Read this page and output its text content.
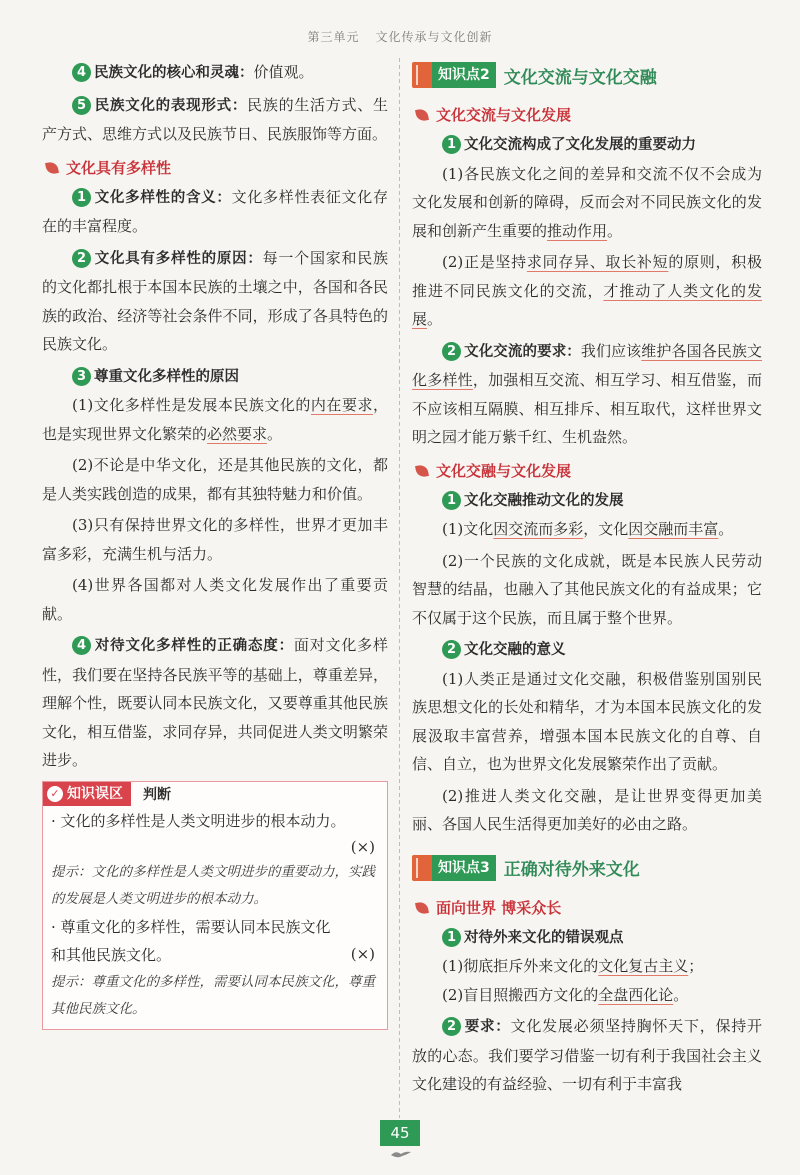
第三单元 文化传承与文化创新

4 民族文化的核心和灵魂：价值观。

5 民族文化的表现形式：民族的生活方式、生产方式、思维方式以及民族节日、民族服饰等方面。

文化具有多样性

1 文化多样性的含义：文化多样性表征文化存在的丰富程度。

2 文化具有多样性的原因：每一个国家和民族的文化都扎根于本国本民族的土壤之中，各国和各民族的政治、经济等社会条件不同，形成了各具特色的民族文化。

3 尊重文化多样性的原因

(1)文化多样性是发展本民族文化的内在要求，也是实现世界文化繁荣的必然要求。

(2)不论是中华文化，还是其他民族的文化，都是人类实践创造的成果，都有其独特魅力和价值。

(3)只有保持世界文化的多样性，世界才更加丰富多彩，充满生机与活力。

(4)世界各国都对人类文化发展作出了重要贡献。

4 对待文化多样性的正确态度：面对文化多样性，我们要在坚持各民族平等的基础上，尊重差异，理解个性，既要认同本民族文化，又要尊重其他民族文化，相互借鉴，求同存异，共同促进人类文明繁荣进步。

✓ 知识误区 判断
· 文化的多样性是人类文明进步的根本动力。
(×)
提示：文化的多样性是人类文明进步的重要动力，实践的发展是人类文明进步的根本动力。
· 尊重文化的多样性，需要认同本民族文化和其他民族文化。	(×)
提示：尊重文化的多样性，需要认同本民族文化，尊重其他民族文化。
知识点2 文化交流与文化交融
文化交流与文化发展

1 文化交流构成了文化发展的重要动力

(1)各民族文化之间的差异和交流不仅不会成为文化发展和创新的障碍，反而会对不同民族文化的发展和创新产生重要的推动作用。

(2)正是坚持求同存异、取长补短的原则，积极推进不同民族文化的交流，才推动了人类文化的发展。

2 文化交流的要求：我们应该维护各国各民族文化多样性，加强相互交流、相互学习、相互借鉴，而不应该相互隔膜、相互排斥、相互取代，这样世界文明之园才能万紫千红、生机盎然。

文化交融与文化发展

1 文化交融推动文化的发展

(1)文化因交流而多彩，文化因交融而丰富。

(2)一个民族的文化成就，既是本民族人民劳动智慧的结晶，也融入了其他民族文化的有益成果；它不仅属于这个民族，而且属于整个世界。

2 文化交融的意义

(1)人类正是通过文化交融，积极借鉴别国别民族思想文化的长处和精华，才为本国本民族文化的发展汲取丰富营养，增强本国本民族文化的自尊、自信、自立，也为世界文化发展繁荣作出了贡献。

(2)推进人类文化交融，是让世界变得更加美丽、各国人民生活得更加美好的必由之路。

知识点3 正确对待外来文化
面向世界 博采众长

1 对待外来文化的错误观点

(1)彻底拒斥外来文化的文化复古主义；

(2)盲目照搬西方文化的全盘西化论。

2 要求：文化发展必须坚持胸怀天下，保持开放的心态。我们要学习借鉴一切有利于我国社会主义文化建设的有益经验、一切有利于丰富我

45
